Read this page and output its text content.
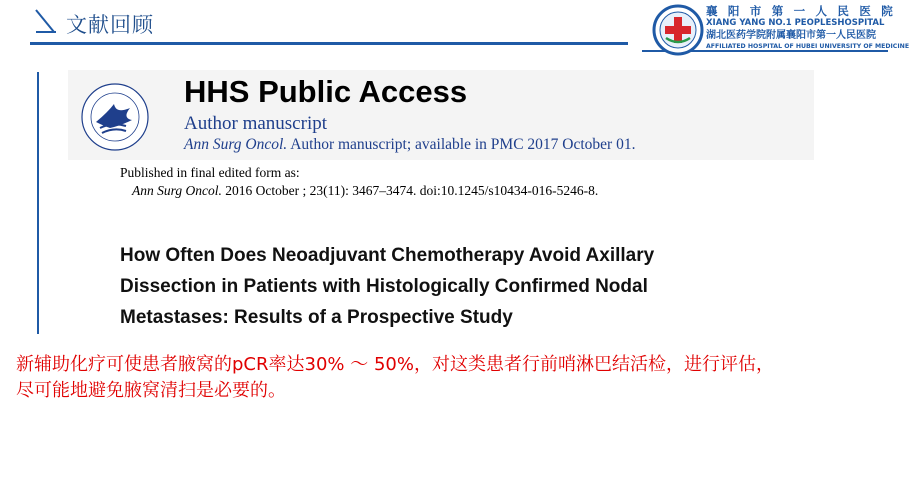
文献回顾
襄 阳 市 第 一 人 民 医 院
XIANG YANG NO.1 PEOPLESHOSPITAL
湖北医药学院附属襄阳市第一人民医院
AFFILIATED HOSPITAL OF HUBEI UNIVERSITY OF MEDICINE
HHS Public Access
Author manuscript
Ann Surg Oncol. Author manuscript; available in PMC 2017 October 01.
Published in final edited form as:
Ann Surg Oncol. 2016 October ; 23(11): 3467–3474. doi:10.1245/s10434-016-5246-8.
How Often Does Neoadjuvant Chemotherapy Avoid Axillary
Dissection in Patients with Histologically Confirmed Nodal
Metastases: Results of a Prospective Study
新辅助化疗可使患者腋窝的pCR率达30% ～ 50%，对这类患者行前哨淋巴结活检，进行评估，
尽可能地避免腋窝清扫是必要的。
